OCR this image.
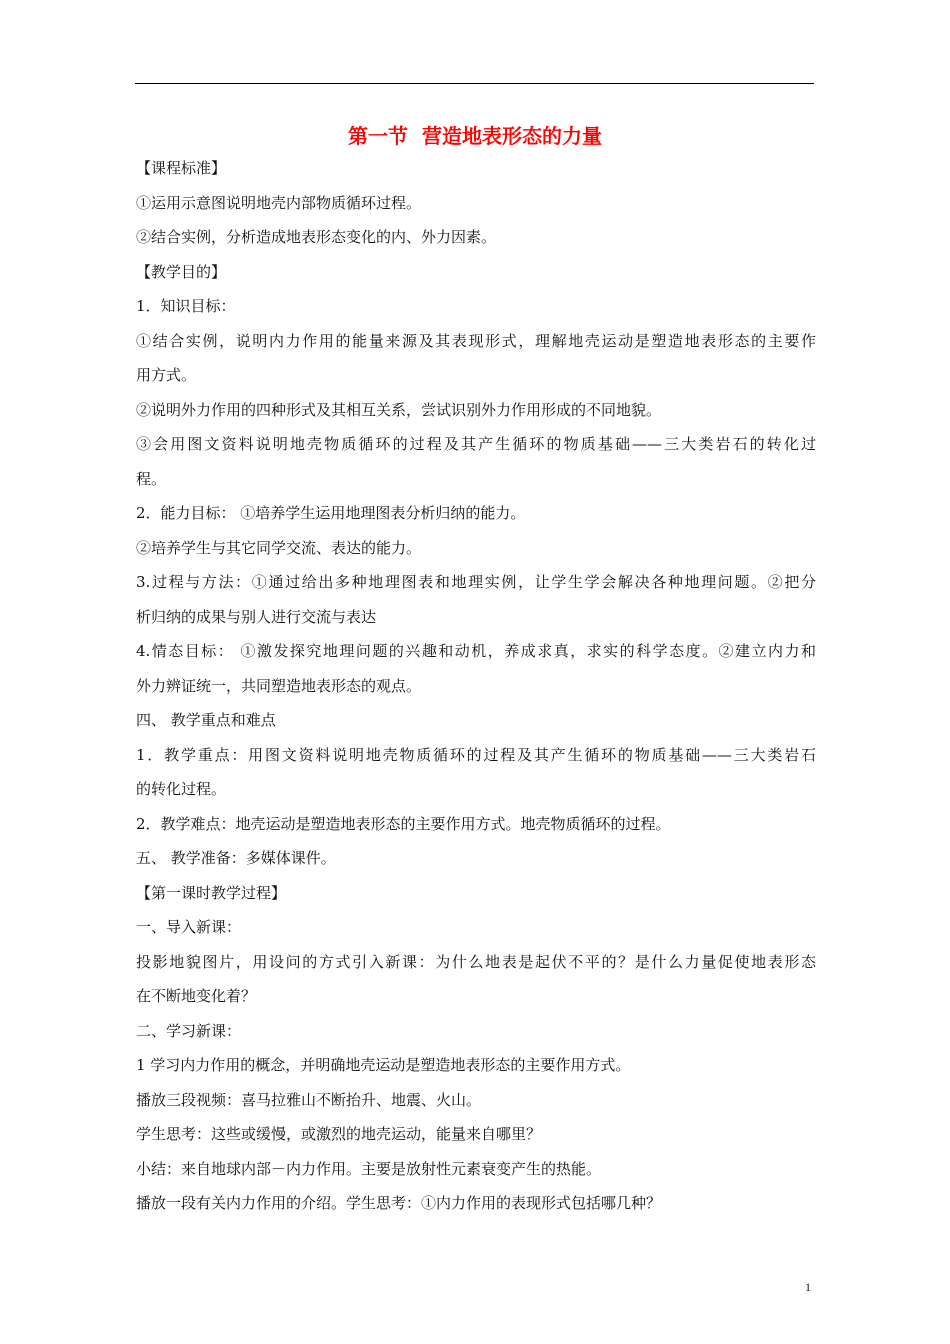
第一节  营造地表形态的力量
【课程标准】
①运用示意图说明地壳内部物质循环过程。
②结合实例，分析造成地表形态变化的内、外力因素。
【教学目的】
1．知识目标：
①结合实例，说明内力作用的能量来源及其表现形式，理解地壳运动是塑造地表形态的主要作
用方式。
②说明外力作用的四种形式及其相互关系，尝试识别外力作用形成的不同地貌。
③会用图文资料说明地壳物质循环的过程及其产生循环的物质基础——三大类岩石的转化过
程。
2．能力目标： ①培养学生运用地理图表分析归纳的能力。
②培养学生与其它同学交流、表达的能力。
3.过程与方法：①通过给出多种地理图表和地理实例，让学生学会解决各种地理问题。②把分
析归纳的成果与别人进行交流与表达
4.情态目标： ①激发探究地理问题的兴趣和动机，养成求真，求实的科学态度。②建立内力和
外力辨证统一，共同塑造地表形态的观点。
四、 教学重点和难点
1．教学重点：用图文资料说明地壳物质循环的过程及其产生循环的物质基础——三大类岩石
的转化过程。
2．教学难点：地壳运动是塑造地表形态的主要作用方式。地壳物质循环的过程。
五、 教学准备：多媒体课件。
【第一课时教学过程】
一、导入新课：
投影地貌图片，用设问的方式引入新课：为什么地表是起伏不平的？是什么力量促使地表形态
在不断地变化着？
二、学习新课：
1 学习内力作用的概念，并明确地壳运动是塑造地表形态的主要作用方式。
播放三段视频：喜马拉雅山不断抬升、地震、火山。
学生思考：这些或缓慢，或激烈的地壳运动，能量来自哪里？
小结：来自地球内部－内力作用。主要是放射性元素衰变产生的热能。
播放一段有关内力作用的介绍。学生思考：①内力作用的表现形式包括哪几种？
1
